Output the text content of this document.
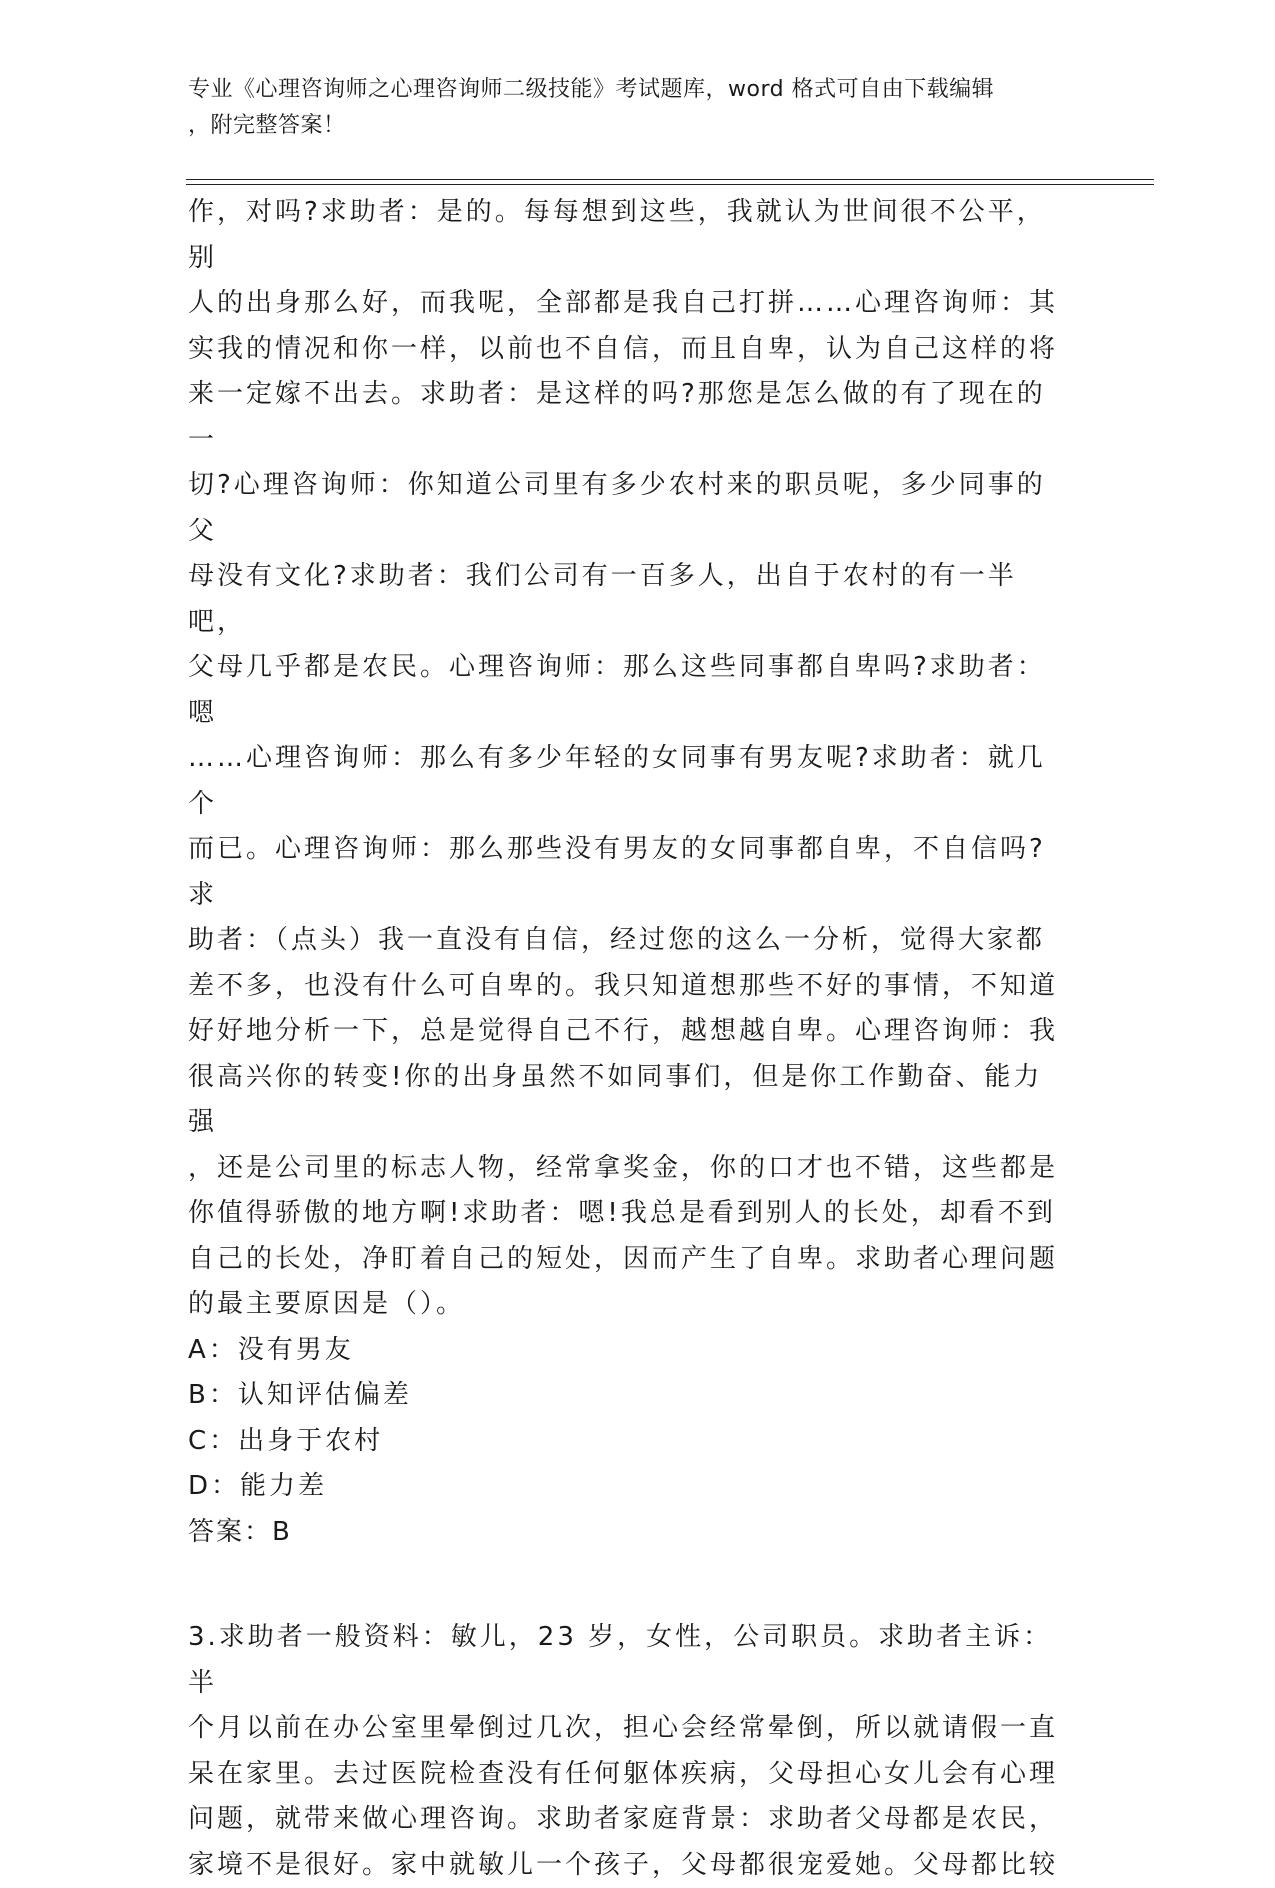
专业《心理咨询师之心理咨询师二级技能》考试题库，word 格式可自由下载编辑
，附完整答案！

作，对吗?求助者：是的。每每想到这些，我就认为世间很不公平，别

人的出身那么好，而我呢，全部都是我自己打拼……心理咨询师：其

实我的情况和你一样，以前也不自信，而且自卑，认为自己这样的将

来一定嫁不出去。求助者：是这样的吗?那您是怎么做的有了现在的一

切?心理咨询师：你知道公司里有多少农村来的职员呢，多少同事的父

母没有文化?求助者：我们公司有一百多人，出自于农村的有一半吧，

父母几乎都是农民。心理咨询师：那么这些同事都自卑吗?求助者：嗯

……心理咨询师：那么有多少年轻的女同事有男友呢?求助者：就几个

而已。心理咨询师：那么那些没有男友的女同事都自卑，不自信吗?求

助者：（点头）我一直没有自信，经过您的这么一分析，觉得大家都

差不多，也没有什么可自卑的。我只知道想那些不好的事情，不知道

好好地分析一下，总是觉得自己不行，越想越自卑。心理咨询师：我

很高兴你的转变!你的出身虽然不如同事们，但是你工作勤奋、能力强

，还是公司里的标志人物，经常拿奖金，你的口才也不错，这些都是

你值得骄傲的地方啊!求助者：嗯!我总是看到别人的长处，却看不到

自己的长处，净盯着自己的短处，因而产生了自卑。求助者心理问题

的最主要原因是（）。

A：没有男友

B：认知评估偏差

C：出身于农村

D：能力差

答案：B

3.求助者一般资料：敏儿，23 岁，女性，公司职员。求助者主诉：半

个月以前在办公室里晕倒过几次，担心会经常晕倒，所以就请假一直

呆在家里。去过医院检查没有任何躯体疾病，父母担心女儿会有心理

问题，就带来做心理咨询。求助者家庭背景：求助者父母都是农民，

家境不是很好。家中就敏儿一个孩子，父母都很宠爱她。父母都比较
